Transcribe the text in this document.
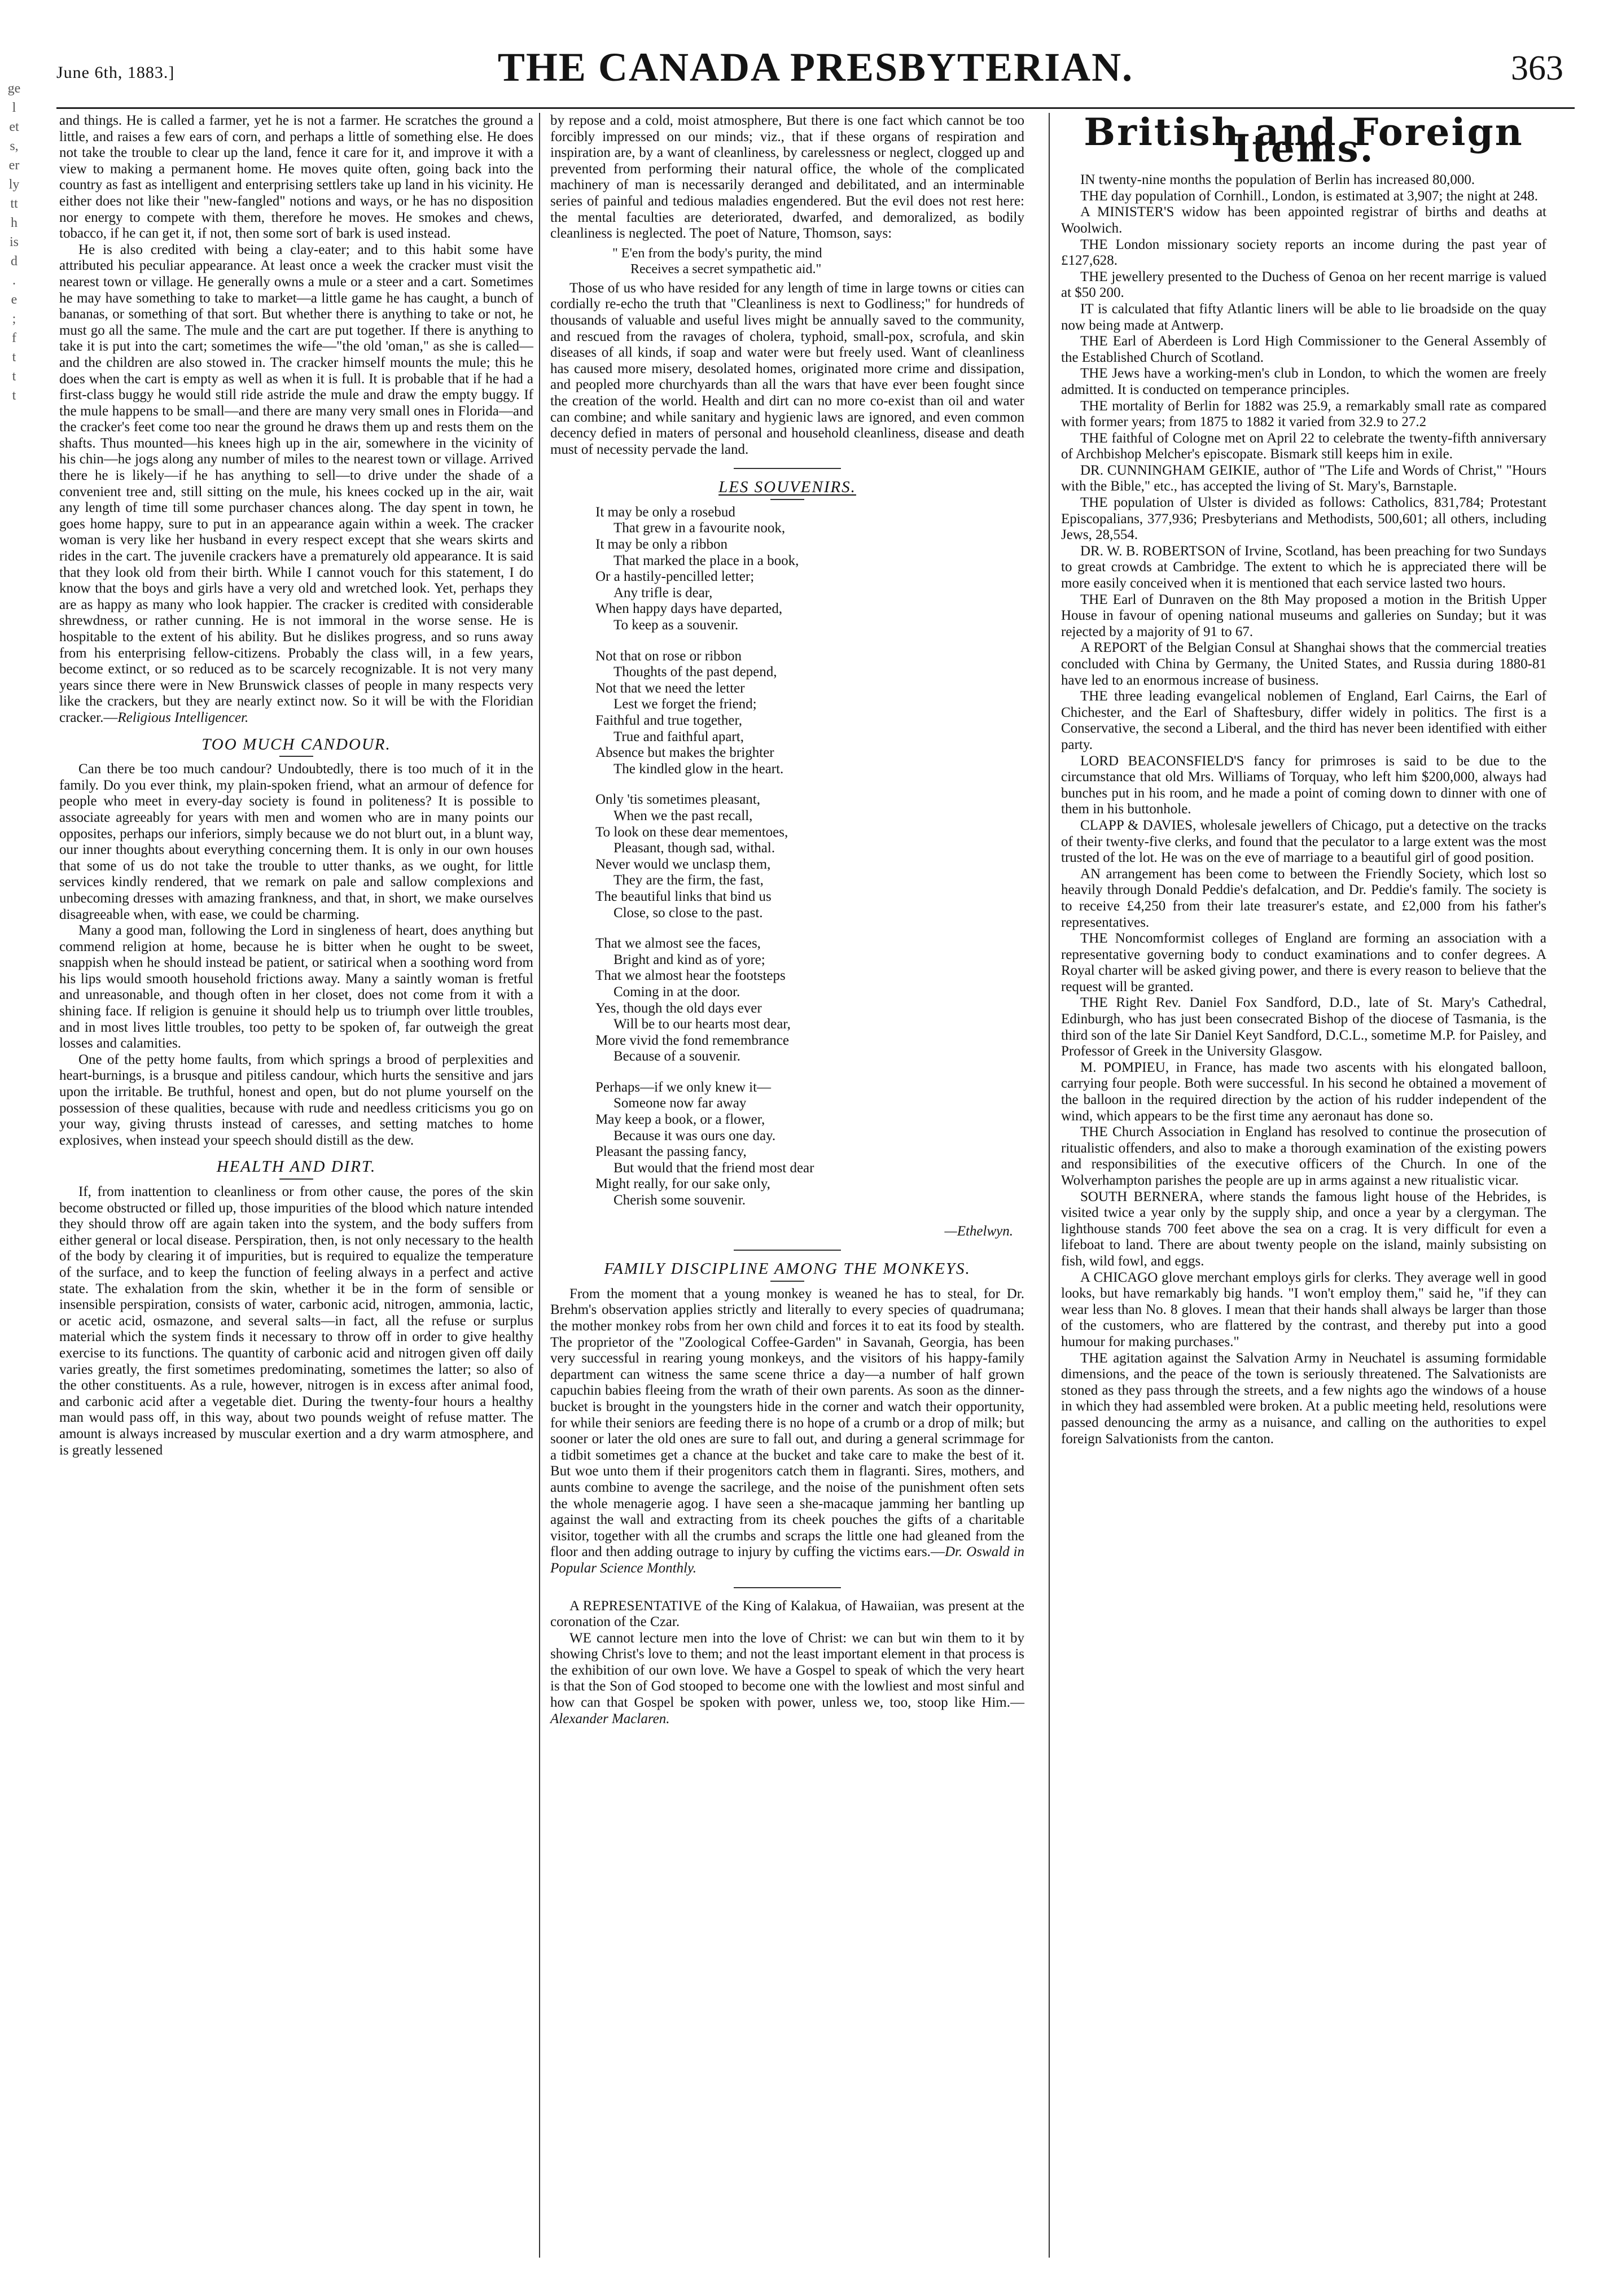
June 6th, 1883.]	THE CANADA PRESBYTERIAN.	363
ge
l
et
s,
er
ly
tt
h
is
d
.
e
;
f
t
t
t

and things. He is called a farmer, yet he is not a farmer. He scratches the ground a little, and raises a few ears of corn, and perhaps a little of something else. He does not take the trouble to clear up the land, fence it care for it, and improve it with a view to making a permanent home. He moves quite often, going back into the country as fast as intelligent and enterprising settlers take up land in his vicinity. He either does not like their "new-fangled" notions and ways, or he has no disposition nor energy to compete with them, therefore he moves. He smokes and chews, tobacco, if he can get it, if not, then some sort of bark is used instead.

He is also credited with being a clay-eater; and to this habit some have attributed his peculiar appearance. At least once a week the cracker must visit the nearest town or village. He generally owns a mule or a steer and a cart. Sometimes he may have something to take to market—a little game he has caught, a bunch of bananas, or something of that sort. But whether there is anything to take or not, he must go all the same. The mule and the cart are put together. If there is anything to take it is put into the cart; sometimes the wife—"the old 'oman," as she is called—and the children are also stowed in. The cracker himself mounts the mule; this he does when the cart is empty as well as when it is full. It is probable that if he had a first-class buggy he would still ride astride the mule and draw the empty buggy. If the mule happens to be small—and there are many very small ones in Florida—and the cracker's feet come too near the ground he draws them up and rests them on the shafts. Thus mounted—his knees high up in the air, somewhere in the vicinity of his chin—he jogs along any number of miles to the nearest town or village. Arrived there he is likely—if he has anything to sell—to drive under the shade of a convenient tree and, still sitting on the mule, his knees cocked up in the air, wait any length of time till some purchaser chances along. The day spent in town, he goes home happy, sure to put in an appearance again within a week. The cracker woman is very like her husband in every respect except that she wears skirts and rides in the cart. The juvenile crackers have a prematurely old appearance. It is said that they look old from their birth. While I cannot vouch for this statement, I do know that the boys and girls have a very old and wretched look. Yet, perhaps they are as happy as many who look happier. The cracker is credited with considerable shrewdness, or rather cunning. He is not immoral in the worse sense. He is hospitable to the extent of his ability. But he dislikes progress, and so runs away from his enterprising fellow-citizens. Probably the class will, in a few years, become extinct, or so reduced as to be scarcely recognizable. It is not very many years since there were in New Brunswick classes of people in many respects very like the crackers, but they are nearly extinct now. So it will be with the Floridian cracker.—Religious Intelligencer.

TOO MUCH CANDOUR.

Can there be too much candour? Undoubtedly, there is too much of it in the family. Do you ever think, my plain-spoken friend, what an armour of defence for people who meet in every-day society is found in politeness? It is possible to associate agreeably for years with men and women who are in many points our opposites, perhaps our inferiors, simply because we do not blurt out, in a blunt way, our inner thoughts about everything concerning them. It is only in our own houses that some of us do not take the trouble to utter thanks, as we ought, for little services kindly rendered, that we remark on pale and sallow complexions and unbecoming dresses with amazing frankness, and that, in short, we make ourselves disagreeable when, with ease, we could be charming.

Many a good man, following the Lord in singleness of heart, does anything but commend religion at home, because he is bitter when he ought to be sweet, snappish when he should instead be patient, or satirical when a soothing word from his lips would smooth household frictions away. Many a saintly woman is fretful and unreasonable, and though often in her closet, does not come from it with a shining face. If religion is genuine it should help us to triumph over little troubles, and in most lives little troubles, too petty to be spoken of, far outweigh the great losses and calamities.

One of the petty home faults, from which springs a brood of perplexities and heart-burnings, is a brusque and pitiless candour, which hurts the sensitive and jars upon the irritable. Be truthful, honest and open, but do not plume yourself on the possession of these qualities, because with rude and needless criticisms you go on your way, giving thrusts instead of caresses, and setting matches to home explosives, when instead your speech should distill as the dew.

HEALTH AND DIRT.

If, from inattention to cleanliness or from other cause, the pores of the skin become obstructed or filled up, those impurities of the blood which nature intended they should throw off are again taken into the system, and the body suffers from either general or local disease. Perspiration, then, is not only necessary to the health of the body by clearing it of impurities, but is required to equalize the temperature of the surface, and to keep the function of feeling always in a perfect and active state. The exhalation from the skin, whether it be in the form of sensible or insensible perspiration, consists of water, carbonic acid, nitrogen, ammonia, lactic, or acetic acid, osmazone, and several salts—in fact, all the refuse or surplus material which the system finds it necessary to throw off in order to give healthy exercise to its functions. The quantity of carbonic acid and nitrogen given off daily varies greatly, the first sometimes predominating, sometimes the latter; so also of the other constituents. As a rule, however, nitrogen is in excess after animal food, and carbonic acid after a vegetable diet. During the twenty-four hours a healthy man would pass off, in this way, about two pounds weight of refuse matter. The amount is always increased by muscular exertion and a dry warm atmosphere, and is greatly lessened

by repose and a cold, moist atmosphere, But there is one fact which cannot be too forcibly impressed on our minds; viz., that if these organs of respiration and inspiration are, by a want of cleanliness, by carelessness or neglect, clogged up and prevented from performing their natural office, the whole of the complicated machinery of man is necessarily deranged and debilitated, and an interminable series of painful and tedious maladies engendered. But the evil does not rest here: the mental faculties are deteriorated, dwarfed, and demoralized, as bodily cleanliness is neglected. The poet of Nature, Thomson, says:

" E'en from the body's purity, the mind
Receives a secret sympathetic aid."

Those of us who have resided for any length of time in large towns or cities can cordially re-echo the truth that "Cleanliness is next to Godliness;" for hundreds of thousands of valuable and useful lives might be annually saved to the community, and rescued from the ravages of cholera, typhoid, small-pox, scrofula, and skin diseases of all kinds, if soap and water were but freely used. Want of cleanliness has caused more misery, desolated homes, originated more crime and dissipation, and peopled more churchyards than all the wars that have ever been fought since the creation of the world. Health and dirt can no more co-exist than oil and water can combine; and while sanitary and hygienic laws are ignored, and even common decency defied in maters of personal and household cleanliness, disease and death must of necessity pervade the land.

LES SOUVENIRS.
It may be only a rosebud
That grew in a favourite nook,
It may be only a ribbon
That marked the place in a book,
Or a hastily-pencilled letter;
Any trifle is dear,
When happy days have departed,
To keep as a souvenir.
Not that on rose or ribbon
Thoughts of the past depend,
Not that we need the letter
Lest we forget the friend;
Faithful and true together,
True and faithful apart,
Absence but makes the brighter
The kindled glow in the heart.
Only 'tis sometimes pleasant,
When we the past recall,
To look on these dear mementoes,
Pleasant, though sad, withal.
Never would we unclasp them,
They are the firm, the fast,
The beautiful links that bind us
Close, so close to the past.
That we almost see the faces,
Bright and kind as of yore;
That we almost hear the footsteps
Coming in at the door.
Yes, though the old days ever
Will be to our hearts most dear,
More vivid the fond remembrance
Because of a souvenir.
Perhaps—if we only knew it—
Someone now far away
May keep a book, or a flower,
Because it was ours one day.
Pleasant the passing fancy,
But would that the friend most dear
Might really, for our sake only,
Cherish some souvenir.
—Ethelwyn.
FAMILY DISCIPLINE AMONG THE MONKEYS.

From the moment that a young monkey is weaned he has to steal, for Dr. Brehm's observation applies strictly and literally to every species of quadrumana; the mother monkey robs from her own child and forces it to eat its food by stealth. The proprietor of the "Zoological Coffee-Garden" in Savanah, Georgia, has been very successful in rearing young monkeys, and the visitors of his happy-family department can witness the same scene thrice a day—a number of half grown capuchin babies fleeing from the wrath of their own parents. As soon as the dinner-bucket is brought in the youngsters hide in the corner and watch their opportunity, for while their seniors are feeding there is no hope of a crumb or a drop of milk; but sooner or later the old ones are sure to fall out, and during a general scrimmage for a tidbit sometimes get a chance at the bucket and take care to make the best of it. But woe unto them if their progenitors catch them in flagranti. Sires, mothers, and aunts combine to avenge the sacrilege, and the noise of the punishment often sets the whole menagerie agog. I have seen a she-macaque jamming her bantling up against the wall and extracting from its cheek pouches the gifts of a charitable visitor, together with all the crumbs and scraps the little one had gleaned from the floor and then adding outrage to injury by cuffing the victims ears.—Dr. Oswald in Popular Science Monthly.

A REPRESENTATIVE of the King of Kalakua, of Hawaiian, was present at the coronation of the Czar.

WE cannot lecture men into the love of Christ: we can but win them to it by showing Christ's love to them; and not the least important element in that process is the exhibition of our own love. We have a Gospel to speak of which the very heart is that the Son of God stooped to become one with the lowliest and most sinful and how can that Gospel be spoken with power, unless we, too, stoop like Him.—Alexander Maclaren.

British and Foreign Items.

IN twenty-nine months the population of Berlin has increased 80,000.

THE day population of Cornhill., London, is estimated at 3,907; the night at 248.

A MINISTER'S widow has been appointed registrar of births and deaths at Woolwich.

THE London missionary society reports an income during the past year of £127,628.

THE jewellery presented to the Duchess of Genoa on her recent marrige is valued at $50 200.

IT is calculated that fifty Atlantic liners will be able to lie broadside on the quay now being made at Antwerp.

THE Earl of Aberdeen is Lord High Commissioner to the General Assembly of the Established Church of Scotland.

THE Jews have a working-men's club in London, to which the women are freely admitted. It is conducted on temperance principles.

THE mortality of Berlin for 1882 was 25.9, a remarkably small rate as compared with former years; from 1875 to 1882 it varied from 32.9 to 27.2

THE faithful of Cologne met on April 22 to celebrate the twenty-fifth anniversary of Archbishop Melcher's episcopate. Bismark still keeps him in exile.

DR. CUNNINGHAM GEIKIE, author of "The Life and Words of Christ," "Hours with the Bible," etc., has accepted the living of St. Mary's, Barnstaple.

THE population of Ulster is divided as follows: Catholics, 831,784; Protestant Episcopalians, 377,936; Presbyterians and Methodists, 500,601; all others, including Jews, 28,554.

DR. W. B. ROBERTSON of Irvine, Scotland, has been preaching for two Sundays to great crowds at Cambridge. The extent to which he is appreciated there will be more easily conceived when it is mentioned that each service lasted two hours.

THE Earl of Dunraven on the 8th May proposed a motion in the British Upper House in favour of opening national museums and galleries on Sunday; but it was rejected by a majority of 91 to 67.

A REPORT of the Belgian Consul at Shanghai shows that the commercial treaties concluded with China by Germany, the United States, and Russia during 1880-81 have led to an enormous increase of business.

THE three leading evangelical noblemen of England, Earl Cairns, the Earl of Chichester, and the Earl of Shaftesbury, differ widely in politics. The first is a Conservative, the second a Liberal, and the third has never been identified with either party.

LORD BEACONSFIELD'S fancy for primroses is said to be due to the circumstance that old Mrs. Williams of Torquay, who left him $200,000, always had bunches put in his room, and he made a point of coming down to dinner with one of them in his buttonhole.

CLAPP & DAVIES, wholesale jewellers of Chicago, put a detective on the tracks of their twenty-five clerks, and found that the peculator to a large extent was the most trusted of the lot. He was on the eve of marriage to a beautiful girl of good position.

AN arrangement has been come to between the Friendly Society, which lost so heavily through Donald Peddie's defalcation, and Dr. Peddie's family. The society is to receive £4,250 from their late treasurer's estate, and £2,000 from his father's representatives.

THE Noncomformist colleges of England are forming an association with a representative governing body to conduct examinations and to confer degrees. A Royal charter will be asked giving power, and there is every reason to believe that the request will be granted.

THE Right Rev. Daniel Fox Sandford, D.D., late of St. Mary's Cathedral, Edinburgh, who has just been consecrated Bishop of the diocese of Tasmania, is the third son of the late Sir Daniel Keyt Sandford, D.C.L., sometime M.P. for Paisley, and Professor of Greek in the University Glasgow.

M. POMPIEU, in France, has made two ascents with his elongated balloon, carrying four people. Both were successful. In his second he obtained a movement of the balloon in the required direction by the action of his rudder independent of the wind, which appears to be the first time any aeronaut has done so.

THE Church Association in England has resolved to continue the prosecution of ritualistic offenders, and also to make a thorough examination of the existing powers and responsibilities of the executive officers of the Church. In one of the Wolverhampton parishes the people are up in arms against a new ritualistic vicar.

SOUTH BERNERA, where stands the famous light house of the Hebrides, is visited twice a year only by the supply ship, and once a year by a clergyman. The lighthouse stands 700 feet above the sea on a crag. It is very difficult for even a lifeboat to land. There are about twenty people on the island, mainly subsisting on fish, wild fowl, and eggs.

A CHICAGO glove merchant employs girls for clerks. They average well in good looks, but have remarkably big hands. "I won't employ them," said he, "if they can wear less than No. 8 gloves. I mean that their hands shall always be larger than those of the customers, who are flattered by the contrast, and thereby put into a good humour for making purchases."

THE agitation against the Salvation Army in Neuchatel is assuming formidable dimensions, and the peace of the town is seriously threatened. The Salvationists are stoned as they pass through the streets, and a few nights ago the windows of a house in which they had assembled were broken. At a public meeting held, resolutions were passed denouncing the army as a nuisance, and calling on the authorities to expel foreign Salvationists from the canton.
